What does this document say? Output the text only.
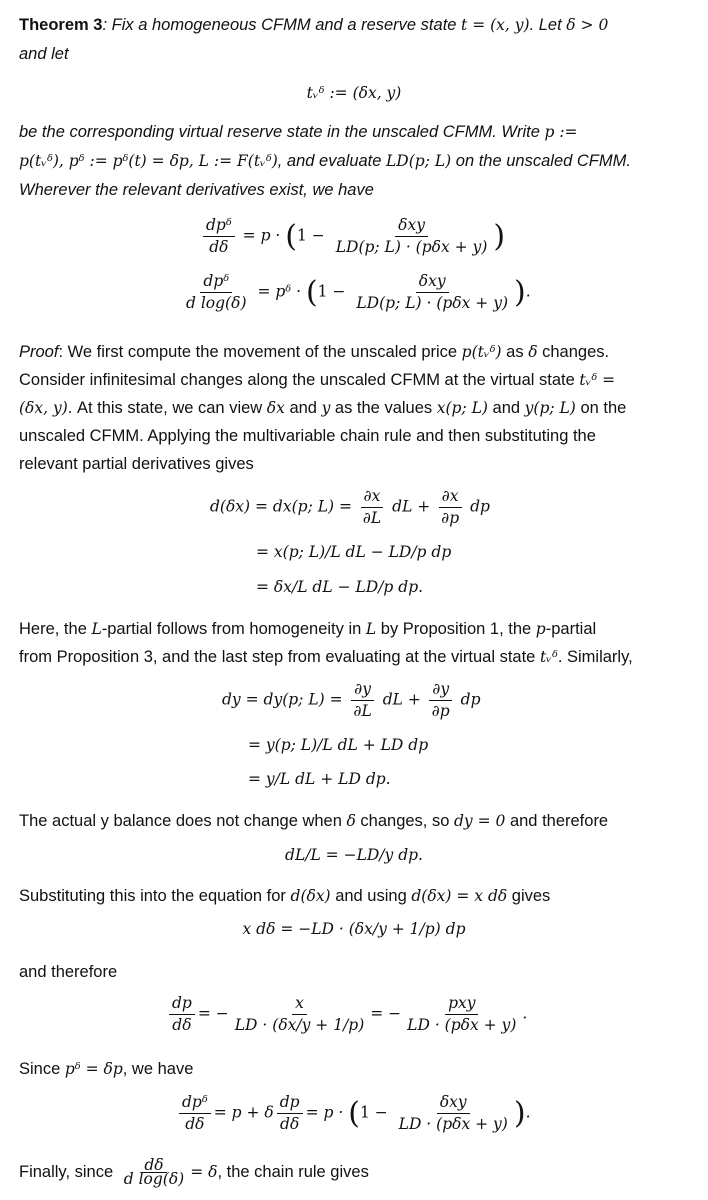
Theorem 3: Fix a homogeneous CFMM and a reserve state t = (x, y). Let δ > 0
and let
tᵥᵟ := (δx, y)
be the corresponding virtual reserve state in the unscaled CFMM. Write p :=
p(tᵥᵟ), pᵟ := pᵟ(t) = δp, L := F(tᵥᵟ), and evaluate LD(p; L) on the unscaled CFMM.
Wherever the relevant derivatives exist, we have
$\frac{\text{dpᵟ}}{d\delta} = p \cdot (1 - \frac{\text{δxy}}{\text{LD(p; L) · (pδx + y)}}$ )
$\frac{\text{dpᵟ}}{\text{d log(δ)}}$ = pᵟ · ($1 - \frac{\text{δxy}}{\text{LD(p; L) · (pδx + y)}}$ ).
Proof: We first compute the movement of the unscaled price p(tᵥᵟ) as δ changes.
Consider infinitesimal changes along the unscaled CFMM at the virtual state tᵥᵟ =
(δx, y). At this state, we can view δx and y as the values x(p; L) and y(p; L) on the
unscaled CFMM. Applying the multivariable chain rule and then substituting the
relevant partial derivatives gives
d(δx) = dx(p; $L) = \frac{\partial x}{\partial L}$ dL + $\frac{\partial x}{\partial p}$ dp
= x(p; L)/L dL − LD/p dp
= δx/L dL − LD/p dp.
Here, the L-partial follows from homogeneity in L by Proposition 1, the p-partial
from Proposition 3, and the last step from evaluating at the virtual state tᵥᵟ. Similarly,
dy = dy(p; $L) = \frac{\partial y}{\partial L}$ dL + $\frac{\partial y}{\partial p}$ dp
= y(p; L)/L dL + LD dp
= y/L dL + LD dp.
The actual y balance does not change when δ changes, so dy = 0 and therefore
dL/L = −LD/y dp.
Substituting this into the equation for d(δx) and using d(δx) = x dδ gives
x dδ = −LD · (δx/y + 1/p) dp
and therefore
$\frac{dp}{d\delta}$ = − $\frac{x}{LD \cdot (\delta x/y + 1/p)}$ = − $\frac{\text{pxy}}{\text{LD · (pδx + y)}}$ .
Since pᵟ = δp, we have
$\frac{\text{dpᵟ}}{d\delta} = p + \delta \frac{dp}{d\delta} = p \cdot (1 - \frac{\text{δxy}}{\text{LD · (pδx + y)}}$ ).
Finally, since $\frac{d\delta}{\text{d log(δ)}} = \delta$, the chain rule gives
